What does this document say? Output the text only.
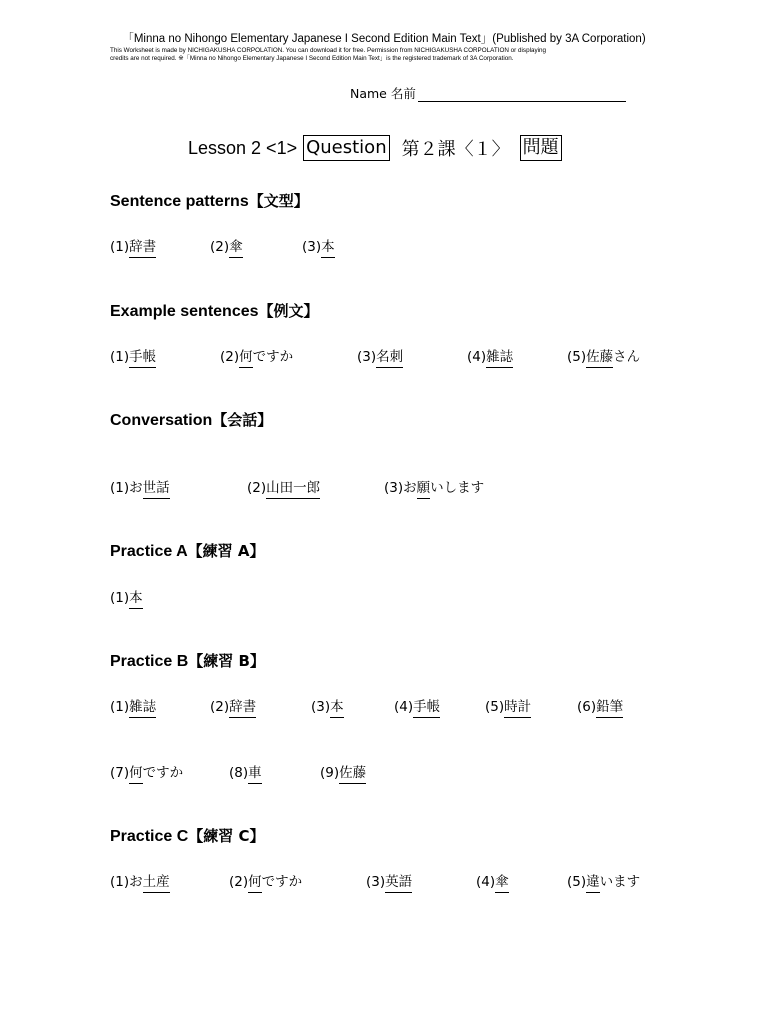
「Minna no Nihongo Elementary Japanese I Second Edition Main Text」(Published by 3A Corporation)
This Worksheet is made by NICHIGAKUSHA CORPOLATION. You can download it for free. Permission from NICHIGAKUSHA CORPOLATION or displaying
credits are not required. ※「Minna no Nihongo Elementary Japanese I Second Edition Main Text」is the registered trademark of 3A Corporation.
Name 名前
Lesson 2 <1> Question 第２課〈１〉 問題
Sentence patterns【文型】
(1)辞書	(2)傘	(3)本
Example sentences【例文】
(1)手帳	(2)何ですか	(3)名刺	(4)雑誌	(5)佐藤さん
Conversation【会話】
(1)お世話	(2)山田一郎	(3)お願いします
Practice A【練習 A】
(1)本
Practice B【練習 B】
(1)雑誌	(2)辞書	(3)本	(4)手帳	(5)時計	(6)鉛筆
(7)何ですか	(8)車	(9)佐藤
Practice C【練習 C】
(1)お土産	(2)何ですか	(3)英語	(4)傘	(5)違います
